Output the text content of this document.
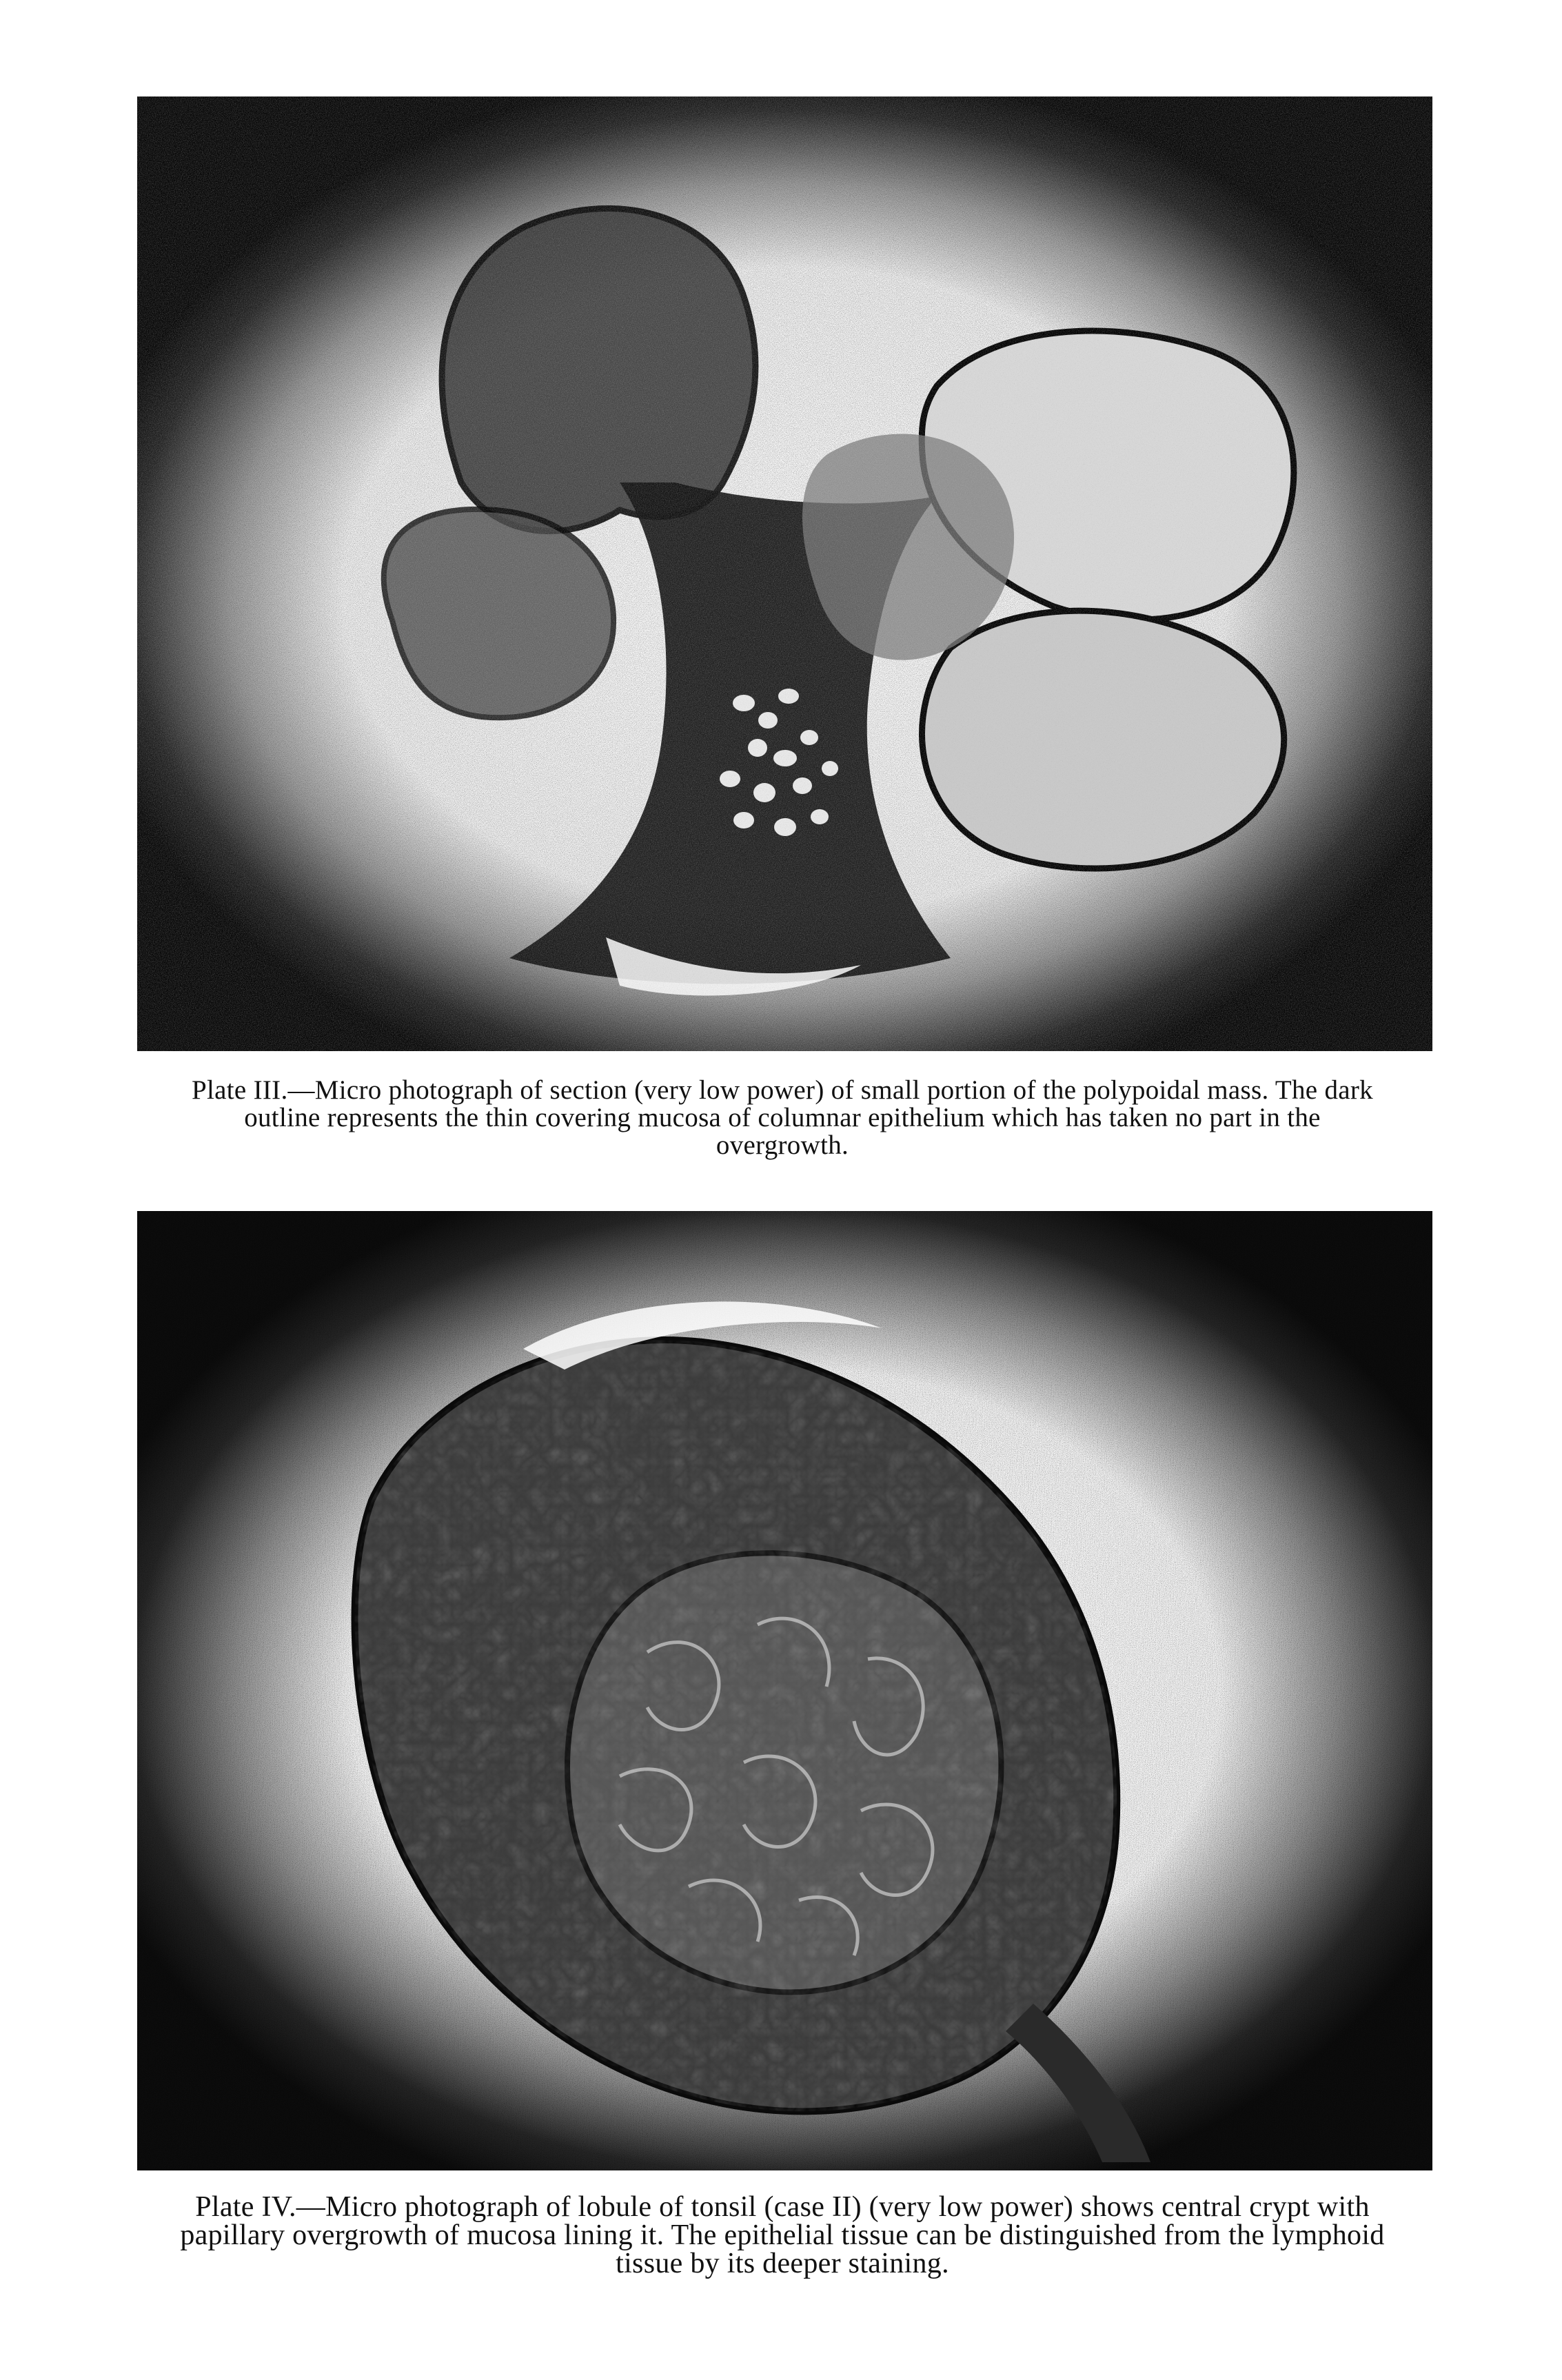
Plate III.—Micro photograph of section (very low power) of small portion of the polypoidal mass. The dark outline represents the thin covering mucosa of columnar epithelium which has taken no part in the overgrowth.
Plate IV.—Micro photograph of lobule of tonsil (case II) (very low power) shows central crypt with papillary overgrowth of mucosa lining it. The epithelial tissue can be distinguished from the lymphoid tissue by its deeper staining.
